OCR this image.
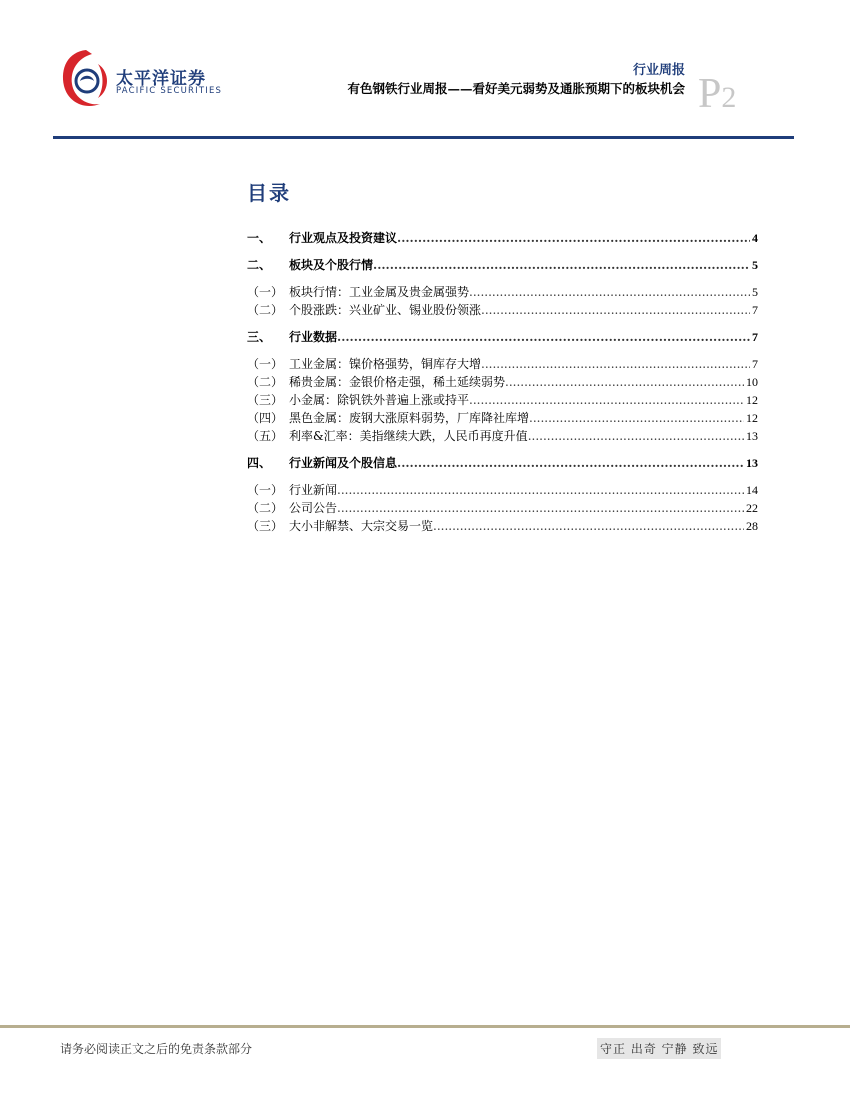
太平洋证券
PACIFIC SECURITIES
行业周报
有色钢铁行业周报——看好美元弱势及通胀预期下的板块机会 P2
目录
一、	行业观点及投资建议 .....	4
二、	板块及个股行情 .....	5
（一） 板块行情：工业金属及贵金属强势 .....	5
（二） 个股涨跌：兴业矿业、锡业股份领涨 .....	7
三、	行业数据 .....	7
（一） 工业金属：镍价格强势，铜库存大增 .....	7
（二） 稀贵金属：金银价格走强，稀土延续弱势 .....	10
（三） 小金属：除钒铁外普遍上涨或持平 .....	12
（四） 黑色金属：废钢大涨原料弱势，厂库降社库增 .....	12
（五） 利率&汇率：美指继续大跌，人民币再度升值 .....	13
四、	行业新闻及个股信息 .....	13
（一） 行业新闻 .....	14
（二） 公司公告 .....	22
（三） 大小非解禁、大宗交易一览 .....	28
请务必阅读正文之后的免责条款部分	守正 出奇 宁静 致远
